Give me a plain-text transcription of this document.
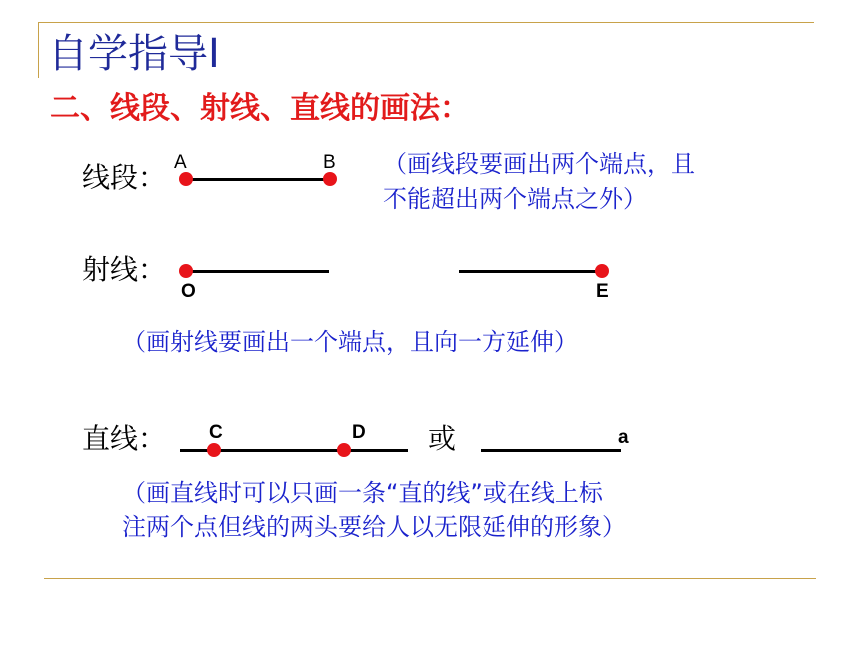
自学指导Ⅰ
二、线段、射线、直线的画法：
线段： A	B （画线段要画出两个端点，且
不能超出两个端点之外）
射线：
O	E
（画射线要画出一个端点，且向一方延伸）
直线： C	D 或	a
（画直线时可以只画一条“直的线”或在线上标
注两个点但线的两头要给人以无限延伸的形象）
